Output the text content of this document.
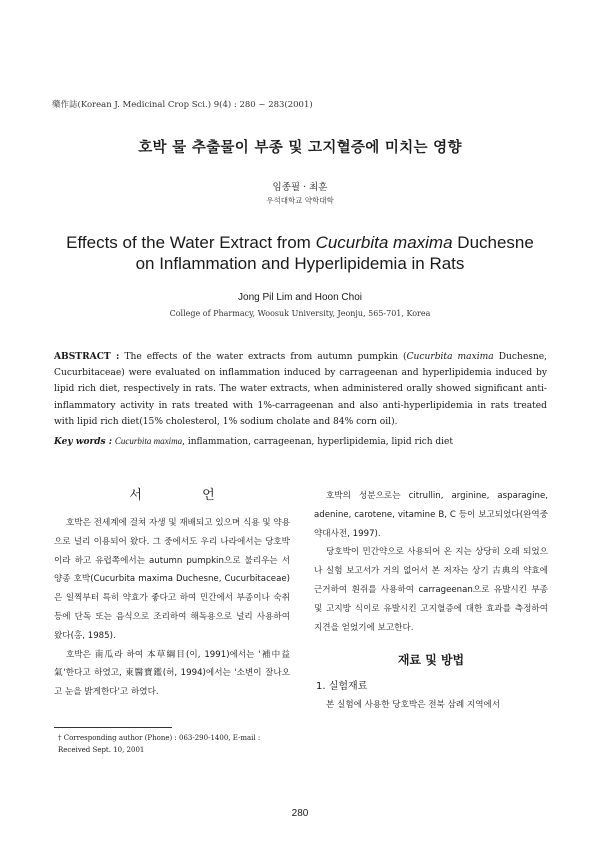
藥作誌(Korean J. Medicinal Crop Sci.) 9(4) : 280 ~ 283(2001)
호박 물 추출물이 부종 및 고지혈증에 미치는 영향
임종필 · 최훈
우석대학교 약학대학
Effects of the Water Extract from Cucurbita maxima Duchesne
on Inflammation and Hyperlipidemia in Rats
Jong Pil Lim and Hoon Choi
College of Pharmacy, Woosuk University, Jeonju, 565-701, Korea
ABSTRACT : The effects of the water extracts from autumn pumpkin (Cucurbita maxima Duchesne, Cucurbitaceae) were evaluated on inflammation induced by carrageenan and hyperlipidemia induced by lipid rich diet, respectively in rats. The water extracts, when administered orally showed significant anti-inflammatory activity in rats treated with 1%-carrageenan and also anti-hyperlipidemia in rats treated with lipid rich diet(15% cholesterol, 1% sodium cholate and 84% corn oil).
Key words : Cucurbita maxima, inflammation, carrageenan, hyperlipidemia, lipid rich diet
서 언

호박은 전세계에 걸쳐 자생 및 재배되고 있으며 식용 및 약용으로 널리 이용되어 왔다. 그 중에서도 우리 나라에서는 당호박이라 하고 유럽쪽에서는 autumn pumpkin으로 불리우는 서양종 호박(Cucurbita maxima Duchesne, Cucurbitaceae)은 일찍부터 특히 약효가 좋다고 하여 민간에서 부종이나 숙취 등에 단독 또는 음식으로 조리하여 해독용으로 널리 사용하여 왔다(홍, 1985).

호박은 南瓜라 하여 本草綱目(이, 1991)에서는 '補中益氣'한다고 하였고, 東醫寶鑑(허, 1994)에서는 '소변이 잘나오고 눈을 밝게한다'고 하였다.

호박의 성분으로는 citrullin, arginine, asparagine, adenine, carotene, vitamine B, C 등이 보고되었다(완역중약대사전, 1997).

당호박이 민간약으로 사용되어 온 지는 상당히 오래 되었으나 실험 보고서가 거의 없어서 본 저자는 상기 古典의 약효에 근거하여 흰쥐를 사용하여 carrageenan으로 유발시킨 부종 및 고지방 식이로 유발시킨 고지혈증에 대한 효과를 측정하여 지견을 얻었기에 보고한다.

재료 및 방법
1. 실험재료

본 실험에 사용한 당호박은 전북 삼례 지역에서

† Corresponding author (Phone) : 063-290-1400, E-mail :
Received Sept. 10, 2001
280
